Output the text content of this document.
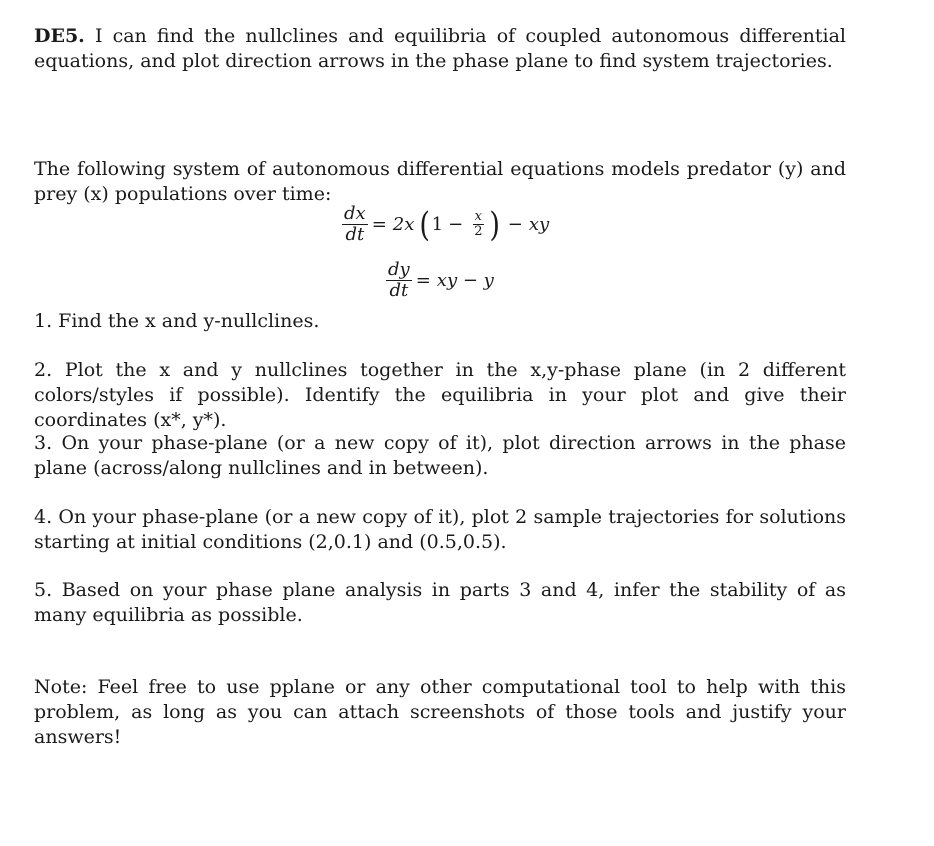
DE5. I can find the nullclines and equilibria of coupled autonomous differential equations, and plot direction arrows in the phase plane to find system trajectories.

The following system of autonomous differential equations models predator (y) and prey (x) populations over time:

$\frac{dx}{dt} = 2x$ ( $1 - \frac{x}{2}$ ) − xy
$\frac{dy}{dt}$ = xy − y

1. Find the x and y-nullclines.

2. Plot the x and y nullclines together in the x,y-phase plane (in 2 different colors/styles if possible). Identify the equilibria in your plot and give their coordinates (x*, y*).

3. On your phase-plane (or a new copy of it), plot direction arrows in the phase plane (across/along nullclines and in between).

4. On your phase-plane (or a new copy of it), plot 2 sample trajectories for solutions starting at initial conditions (2,0.1) and (0.5,0.5).

5. Based on your phase plane analysis in parts 3 and 4, infer the stability of as many equilibria as possible.

Note: Feel free to use pplane or any other computational tool to help with this problem, as long as you can attach screenshots of those tools and justify your answers!
